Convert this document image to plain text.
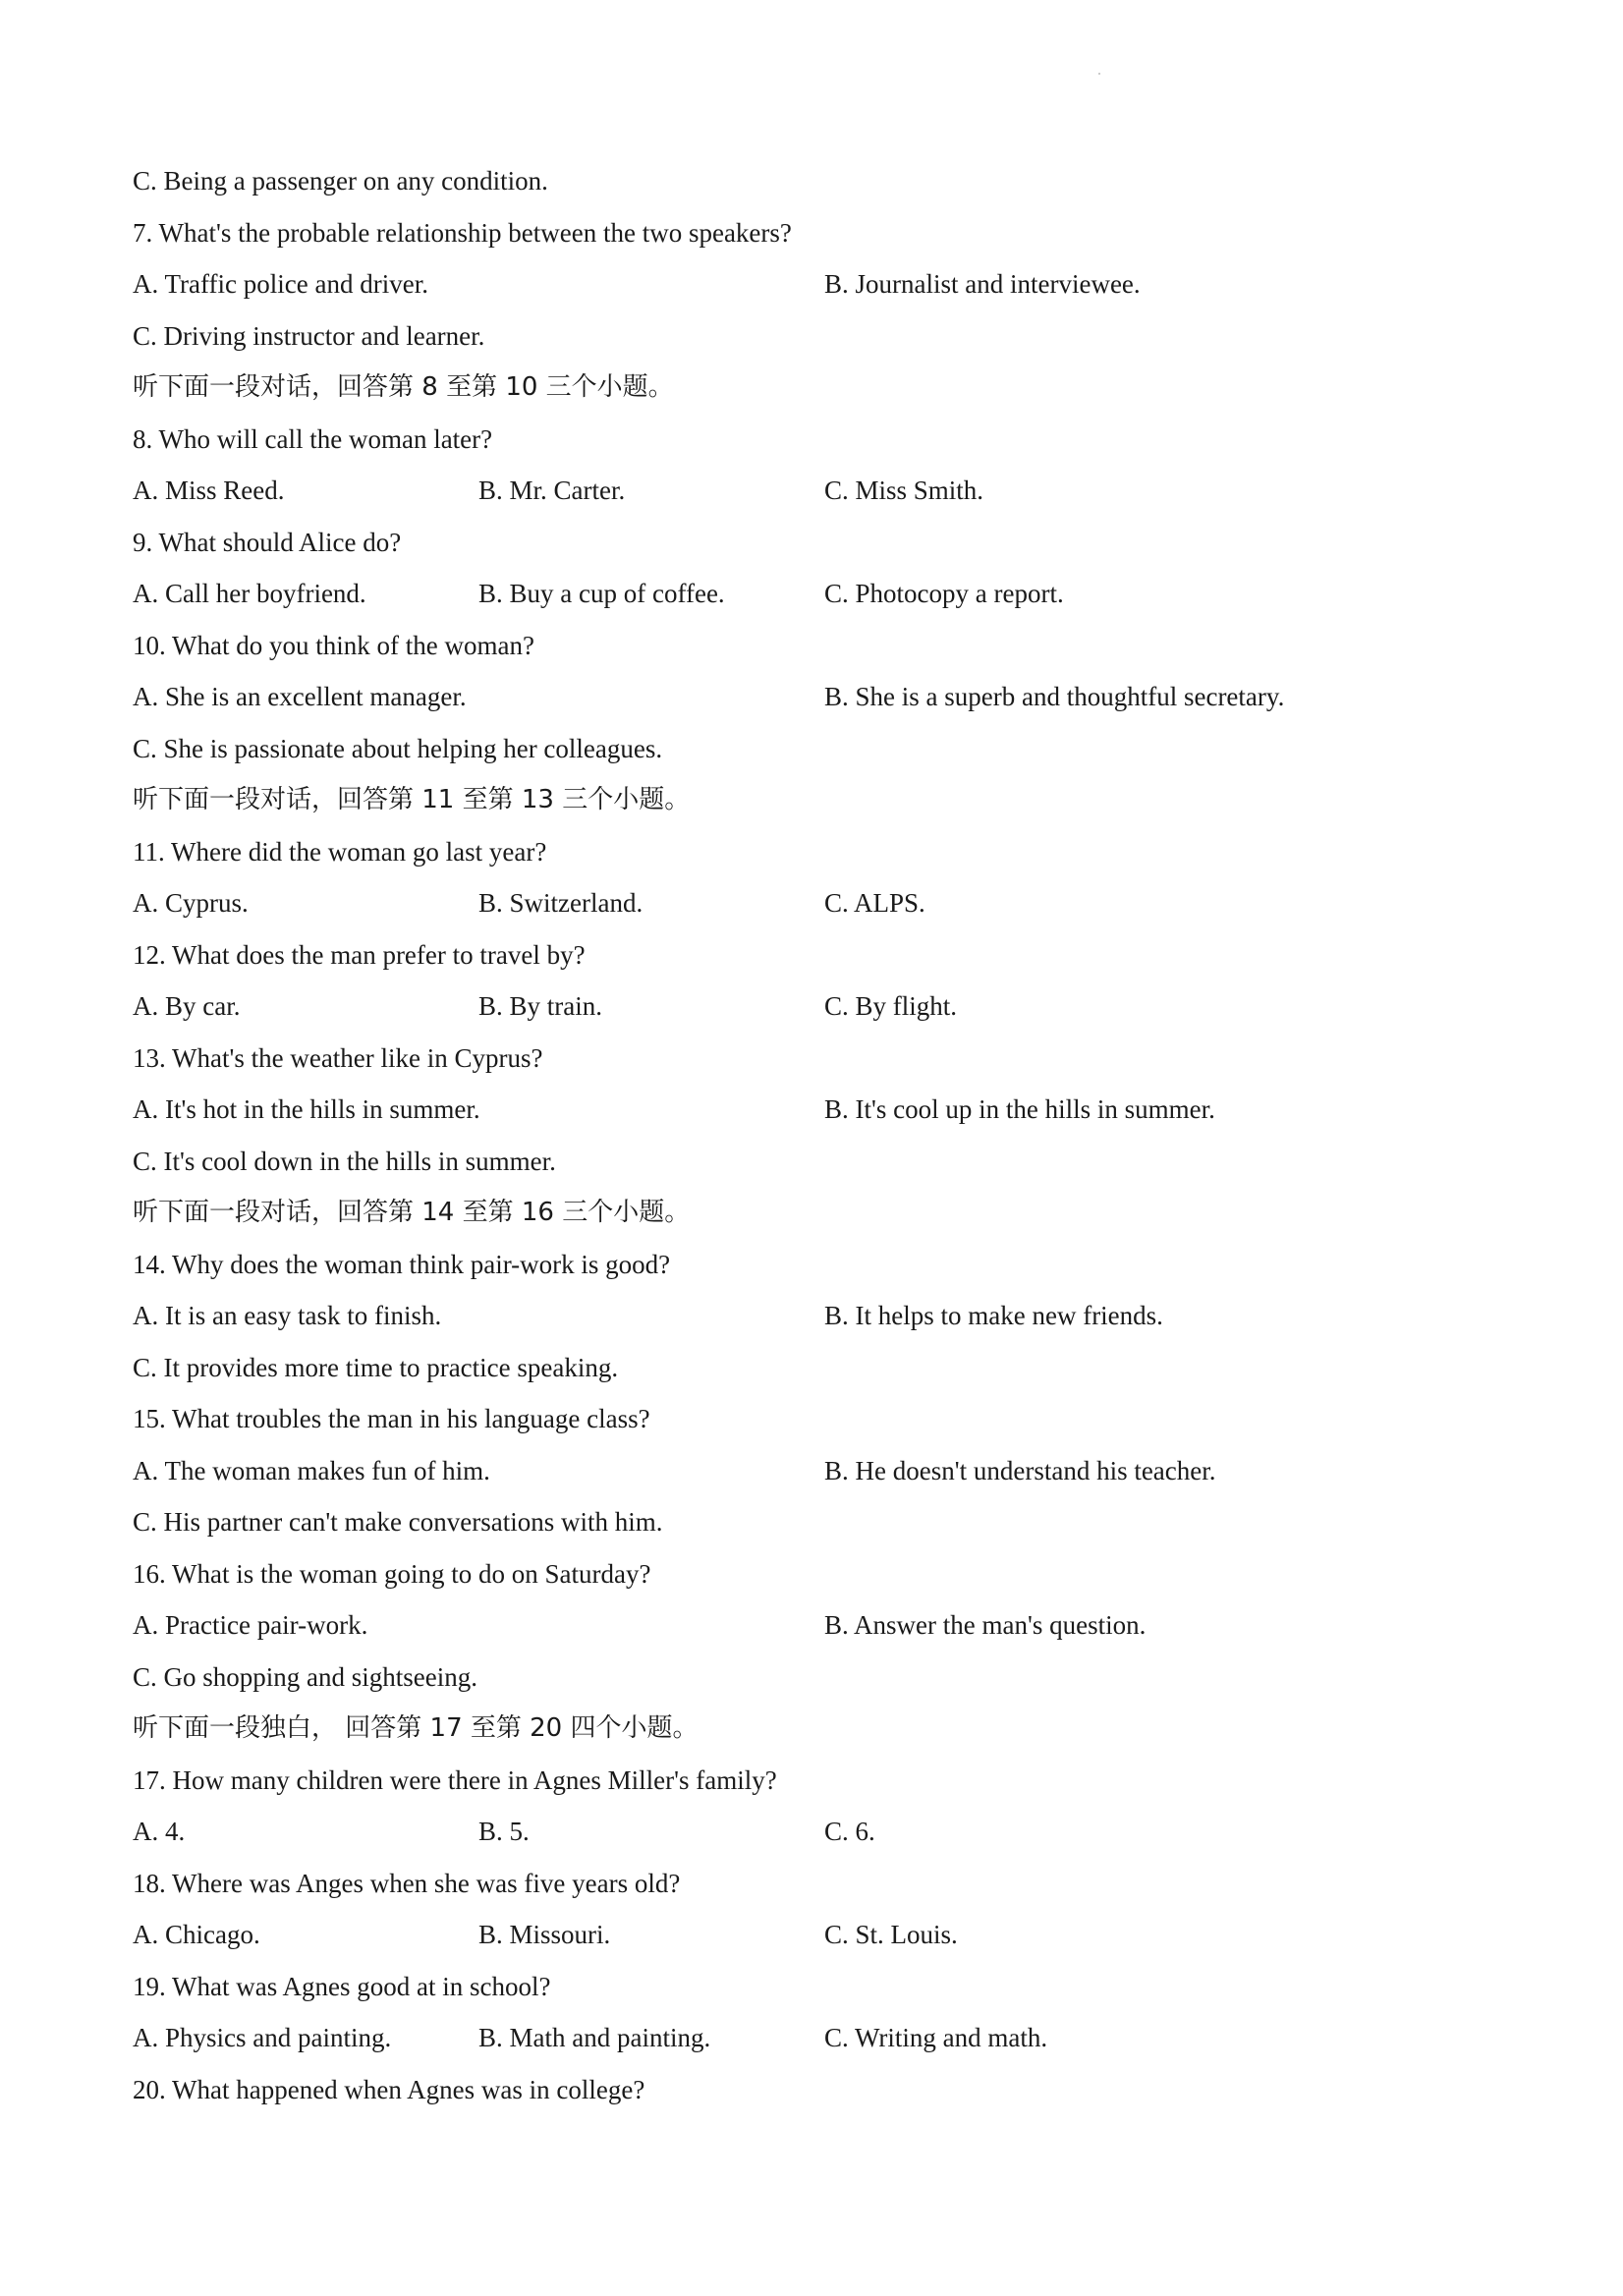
C. Being a passenger on any condition.
7. What's the probable relationship between the two speakers?
A. Traffic police and driver.	B. Journalist and interviewee.
C. Driving instructor and learner.
听下面一段对话，回答第 8 至第 10 三个小题。
8. Who will call the woman later?
A. Miss Reed.	B. Mr. Carter.	C. Miss Smith.
9. What should Alice do?
A. Call her boyfriend.	B. Buy a cup of coffee.	C. Photocopy a report.
10. What do you think of the woman?
A. She is an excellent manager.	B. She is a superb and thoughtful secretary.
C. She is passionate about helping her colleagues.
听下面一段对话，回答第 11 至第 13 三个小题。
11. Where did the woman go last year?
A. Cyprus.	B. Switzerland.	C. ALPS.
12. What does the man prefer to travel by?
A. By car.	B. By train.	C. By flight.
13. What's the weather like in Cyprus?
A. It's hot in the hills in summer.	B. It's cool up in the hills in summer.
C. It's cool down in the hills in summer.
听下面一段对话，回答第 14 至第 16 三个小题。
14. Why does the woman think pair-work is good?
A. It is an easy task to finish.	B. It helps to make new friends.
C. It provides more time to practice speaking.
15. What troubles the man in his language class?
A. The woman makes fun of him.	B. He doesn't understand his teacher.
C. His partner can't make conversations with him.
16. What is the woman going to do on Saturday?
A. Practice pair-work.	B. Answer the man's question.
C. Go shopping and sightseeing.
听下面一段独白， 回答第 17 至第 20 四个小题。
17. How many children were there in Agnes Miller's family?
A. 4.	B. 5.	C. 6.
18. Where was Anges when she was five years old?
A. Chicago.	B. Missouri.	C. St. Louis.
19. What was Agnes good at in school?
A. Physics and painting.	B. Math and painting.	C. Writing and math.
20. What happened when Agnes was in college?
